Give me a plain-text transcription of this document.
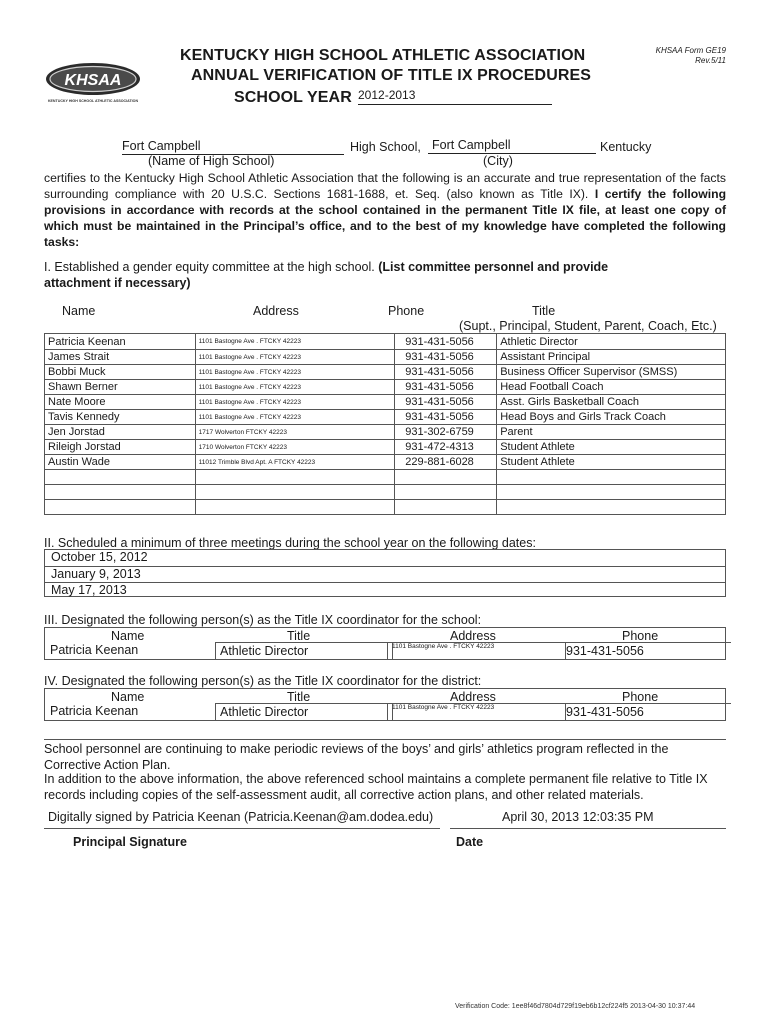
KHSAA
KENTUCKY HIGH SCHOOL ATHLETIC ASSOCIATION
KENTUCKY HIGH SCHOOL ATHLETIC ASSOCIATION
ANNUAL VERIFICATION OF TITLE IX PROCEDURES
SCHOOL YEAR 2012-2013
KHSAA Form GE19
Rev.5/11
Fort Campbell	High School, Fort Campbell	Kentucky
(Name of High School)	(City)
certifies to the Kentucky High School Athletic Association that the following is an accurate and true representation of the facts surrounding compliance with 20 U.S.C. Sections 1681-1688, et. Seq. (also known as Title IX). I certify the following provisions in accordance with records at the school contained in the permanent Title IX file, at least one copy of which must be maintained in the Principal’s office, and to the best of my knowledge have completed the following tasks:
I. Established a gender equity committee at the high school. (List committee personnel and provide attachment if necessary)
Name	Address	Phone	Title
(Supt., Principal, Student, Parent, Coach, Etc.)
Patricia Keenan	1101 Bastogne Ave . FTCKY 42223	931-431-5056	Athletic Director
James Strait	1101 Bastogne Ave . FTCKY 42223	931-431-5056	Assistant Principal
Bobbi Muck	1101 Bastogne Ave . FTCKY 42223	931-431-5056	Business Officer Supervisor (SMSS)
Shawn Berner	1101 Bastogne Ave . FTCKY 42223	931-431-5056	Head Football Coach
Nate Moore	1101 Bastogne Ave . FTCKY 42223	931-431-5056	Asst. Girls Basketball Coach
Tavis Kennedy	1101 Bastogne Ave . FTCKY 42223	931-431-5056	Head Boys and Girls Track Coach
Jen Jorstad	1717 Wolverton FTCKY 42223	931-302-6759	Parent
Rileigh Jorstad	1710 Wolverton FTCKY 42223	931-472-4313	Student Athlete
Austin Wade	11012 Trimble Blvd Apt. A FTCKY 42223	229-881-6028	Student Athlete

II. Scheduled a minimum of three meetings during the school year on the following dates:
October 15, 2012
January 9, 2013
May 17, 2013
III. Designated the following person(s) as the Title IX coordinator for the school:
Name	Title	Address	Phone
Patricia Keenan	Athletic Director	1101 Bastogne Ave . FTCKY 42223	931-431-5056
IV. Designated the following person(s) as the Title IX coordinator for the district:
Name	Title	Address	Phone
Patricia Keenan	Athletic Director	1101 Bastogne Ave . FTCKY 42223	931-431-5056
School personnel are continuing to make periodic reviews of the boys’ and girls’ athletics program reflected in the Corrective Action Plan.
In addition to the above information, the above referenced school maintains a complete permanent file relative to Title IX records including copies of the self-assessment audit, all corrective action plans, and other related materials.
Digitally signed by Patricia Keenan (Patricia.Keenan@am.dodea.edu)	April 30, 2013 12:03:35 PM
Principal Signature	Date
Verification Code: 1ee8f46d7804d729f19eb6b12cf224f5 2013-04-30 10:37:44
